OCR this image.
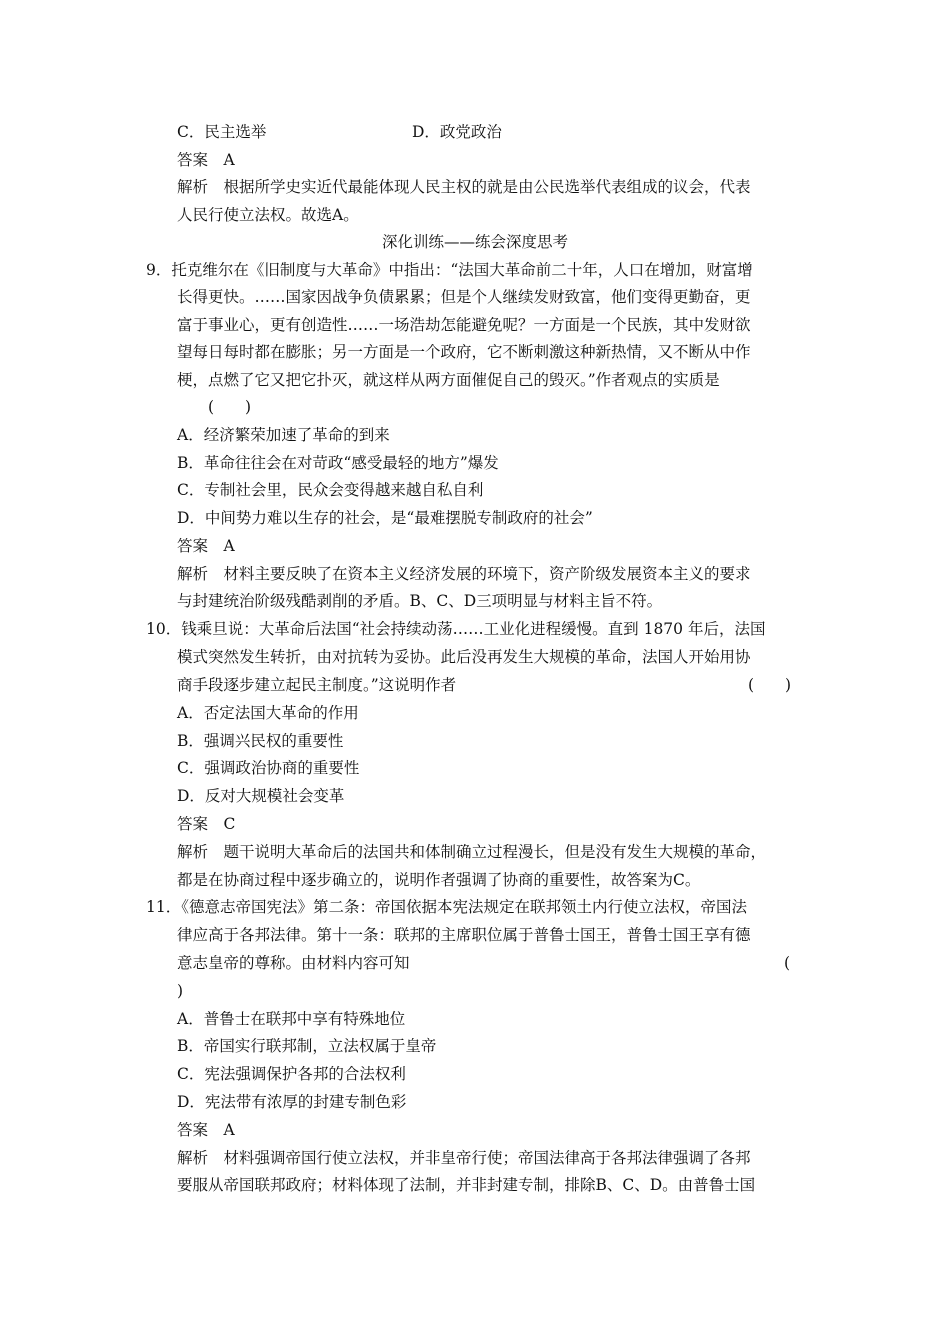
C．民主选举	D．政党政治
答案　A
解析　根据所学史实近代最能体现人民主权的就是由公民选举代表组成的议会，代表
人民行使立法权。故选A。
深化训练——练会深度思考
9．托克维尔在《旧制度与大革命》中指出：“法国大革命前二十年，人口在增加，财富增
长得更快。……国家因战争负债累累；但是个人继续发财致富，他们变得更勤奋，更
富于事业心，更有创造性……一场浩劫怎能避免呢？一方面是一个民族，其中发财欲
望每日每时都在膨胀；另一方面是一个政府，它不断刺激这种新热情，又不断从中作
梗，点燃了它又把它扑灭，就这样从两方面催促自己的毁灭。”作者观点的实质是
(　　)
A．经济繁荣加速了革命的到来
B．革命往往会在对苛政“感受最轻的地方”爆发
C．专制社会里，民众会变得越来越自私自利
D．中间势力难以生存的社会，是“最难摆脱专制政府的社会”
答案　A
解析　材料主要反映了在资本主义经济发展的环境下，资产阶级发展资本主义的要求
与封建统治阶级残酷剥削的矛盾。B、C、D三项明显与材料主旨不符。
10．钱乘旦说：大革命后法国“社会持续动荡……工业化进程缓慢。直到 1870 年后，法国
模式突然发生转折，由对抗转为妥协。此后没再发生大规模的革命，法国人开始用协
商手段逐步建立起民主制度。”这说明作者	(　　)
A．否定法国大革命的作用
B．强调兴民权的重要性
C．强调政治协商的重要性
D．反对大规模社会变革
答案　C
解析　题干说明大革命后的法国共和体制确立过程漫长，但是没有发生大规模的革命，
都是在协商过程中逐步确立的，说明作者强调了协商的重要性，故答案为C。
11．《德意志帝国宪法》第二条：帝国依据本宪法规定在联邦领土内行使立法权，帝国法
律应高于各邦法律。第十一条：联邦的主席职位属于普鲁士国王，普鲁士国王享有德
意志皇帝的尊称。由材料内容可知	(
)
A．普鲁士在联邦中享有特殊地位
B．帝国实行联邦制，立法权属于皇帝
C．宪法强调保护各邦的合法权利
D．宪法带有浓厚的封建专制色彩
答案　A
解析　材料强调帝国行使立法权，并非皇帝行使；帝国法律高于各邦法律强调了各邦
要服从帝国联邦政府；材料体现了法制，并非封建专制，排除B、C、D。由普鲁士国
